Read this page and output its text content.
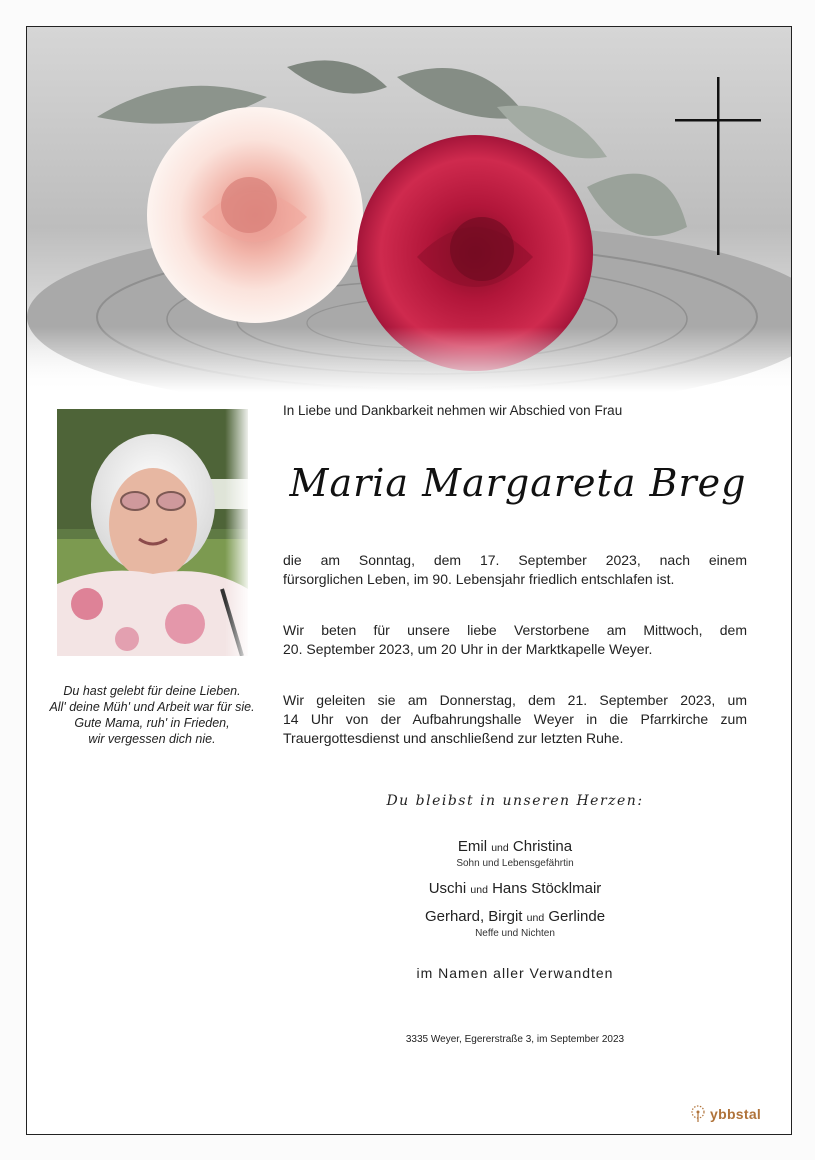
Du hast gelebt für deine Lieben.
All' deine Müh' und Arbeit war für sie.
Gute Mama, ruh' in Frieden,
wir vergessen dich nie.
In Liebe und Dankbarkeit nehmen wir Abschied von Frau
Maria Margareta Breg
die am Sonntag, dem 17. September 2023, nach einem
fürsorglichen Leben, im 90. Lebensjahr friedlich entschlafen ist.
Wir beten für unsere liebe Verstorbene am Mittwoch, dem
20. September 2023, um 20 Uhr in der Marktkapelle Weyer.
Wir geleiten sie am Donnerstag, dem 21. September 2023, um
14 Uhr von der Aufbahrungshalle Weyer in die Pfarrkirche zum
Trauergottesdienst und anschließend zur letzten Ruhe.
Du bleibst in unseren Herzen:
Emil und Christina
Sohn und Lebensgefährtin
Uschi und Hans Stöcklmair
Gerhard, Birgit und Gerlinde
Neffe und Nichten
im Namen aller Verwandten
3335 Weyer, Egererstraße 3, im September 2023
ybbstal
